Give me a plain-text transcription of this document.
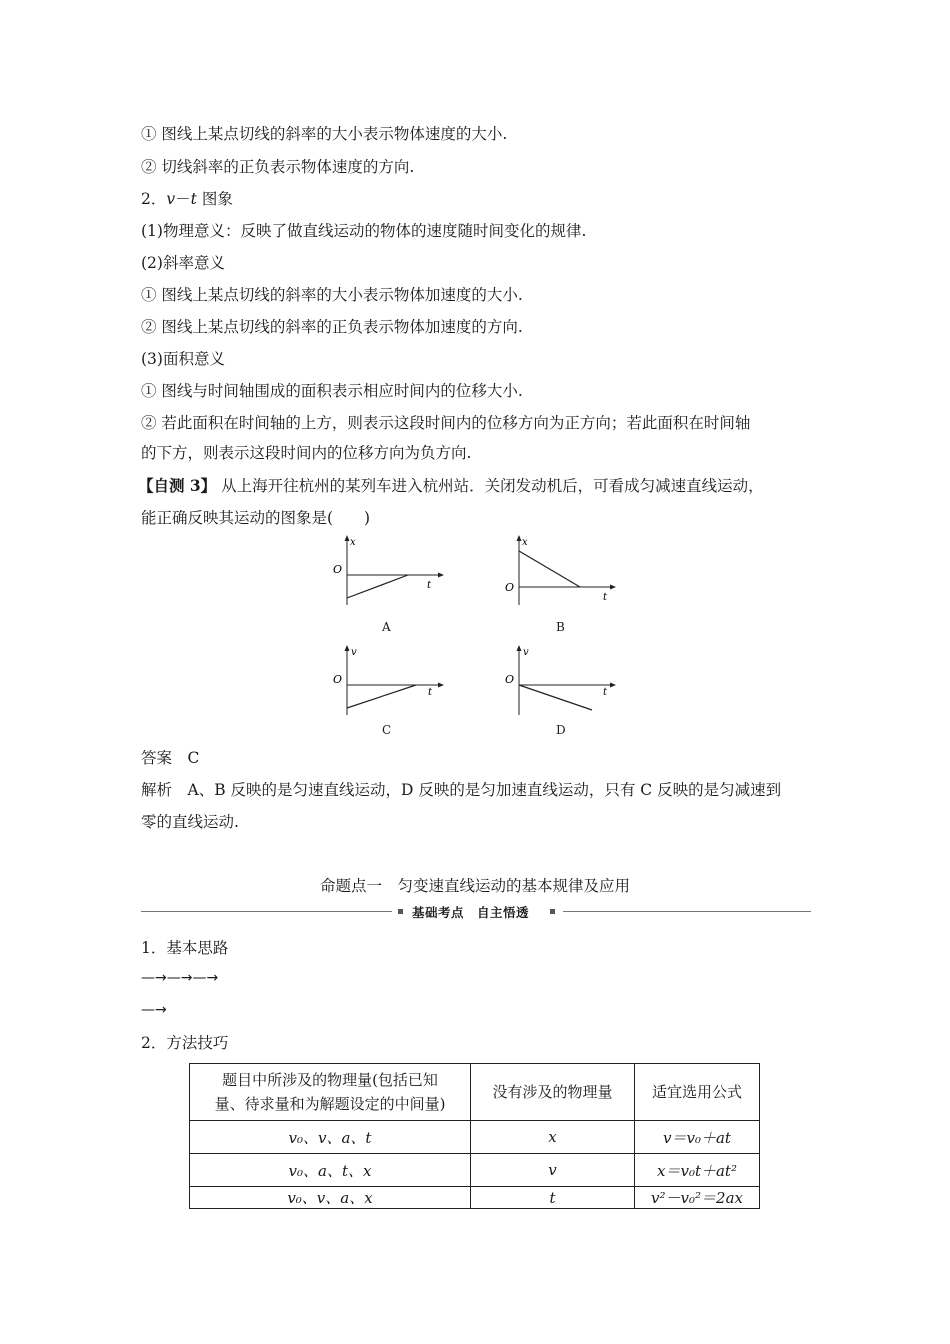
① 图线上某点切线的斜率的大小表示物体速度的大小.
② 切线斜率的正负表示物体速度的方向.
2．v－t 图象
(1)物理意义：反映了做直线运动的物体的速度随时间变化的规律.
(2)斜率意义
① 图线上某点切线的斜率的大小表示物体加速度的大小.
② 图线上某点切线的斜率的正负表示物体加速度的方向.
(3)面积意义
① 图线与时间轴围成的面积表示相应时间内的位移大小.
② 若此面积在时间轴的上方，则表示这段时间内的位移方向为正方向；若此面积在时间轴
的下方，则表示这段时间内的位移方向为负方向.
【自测 3】 从上海开往杭州的某列车进入杭州站．关闭发动机后，可看成匀减速直线运动，
能正确反映其运动的图象是(　　)
x
O
t
A
x
O
t
B
v
O
t
C
v
O
t
D
答案　C
解析　A、B 反映的是匀速直线运动，D 反映的是匀加速直线运动，只有 C 反映的是匀减速到
零的直线运动.
命题点一　匀变速直线运动的基本规律及应用
基础考点　自主悟透
1．基本思路
—→—→—→
—→
2．方法技巧
题目中所涉及的物理量(包括已知
量、待求量和为解题设定的中间量)	没有涉及的物理量	适宜选用公式
v₀、v、a、t	x	v＝v₀＋at
v₀、a、t、x	v	x＝v₀t＋at²
v₀、v、a、x	t	v²－v₀²＝2ax
